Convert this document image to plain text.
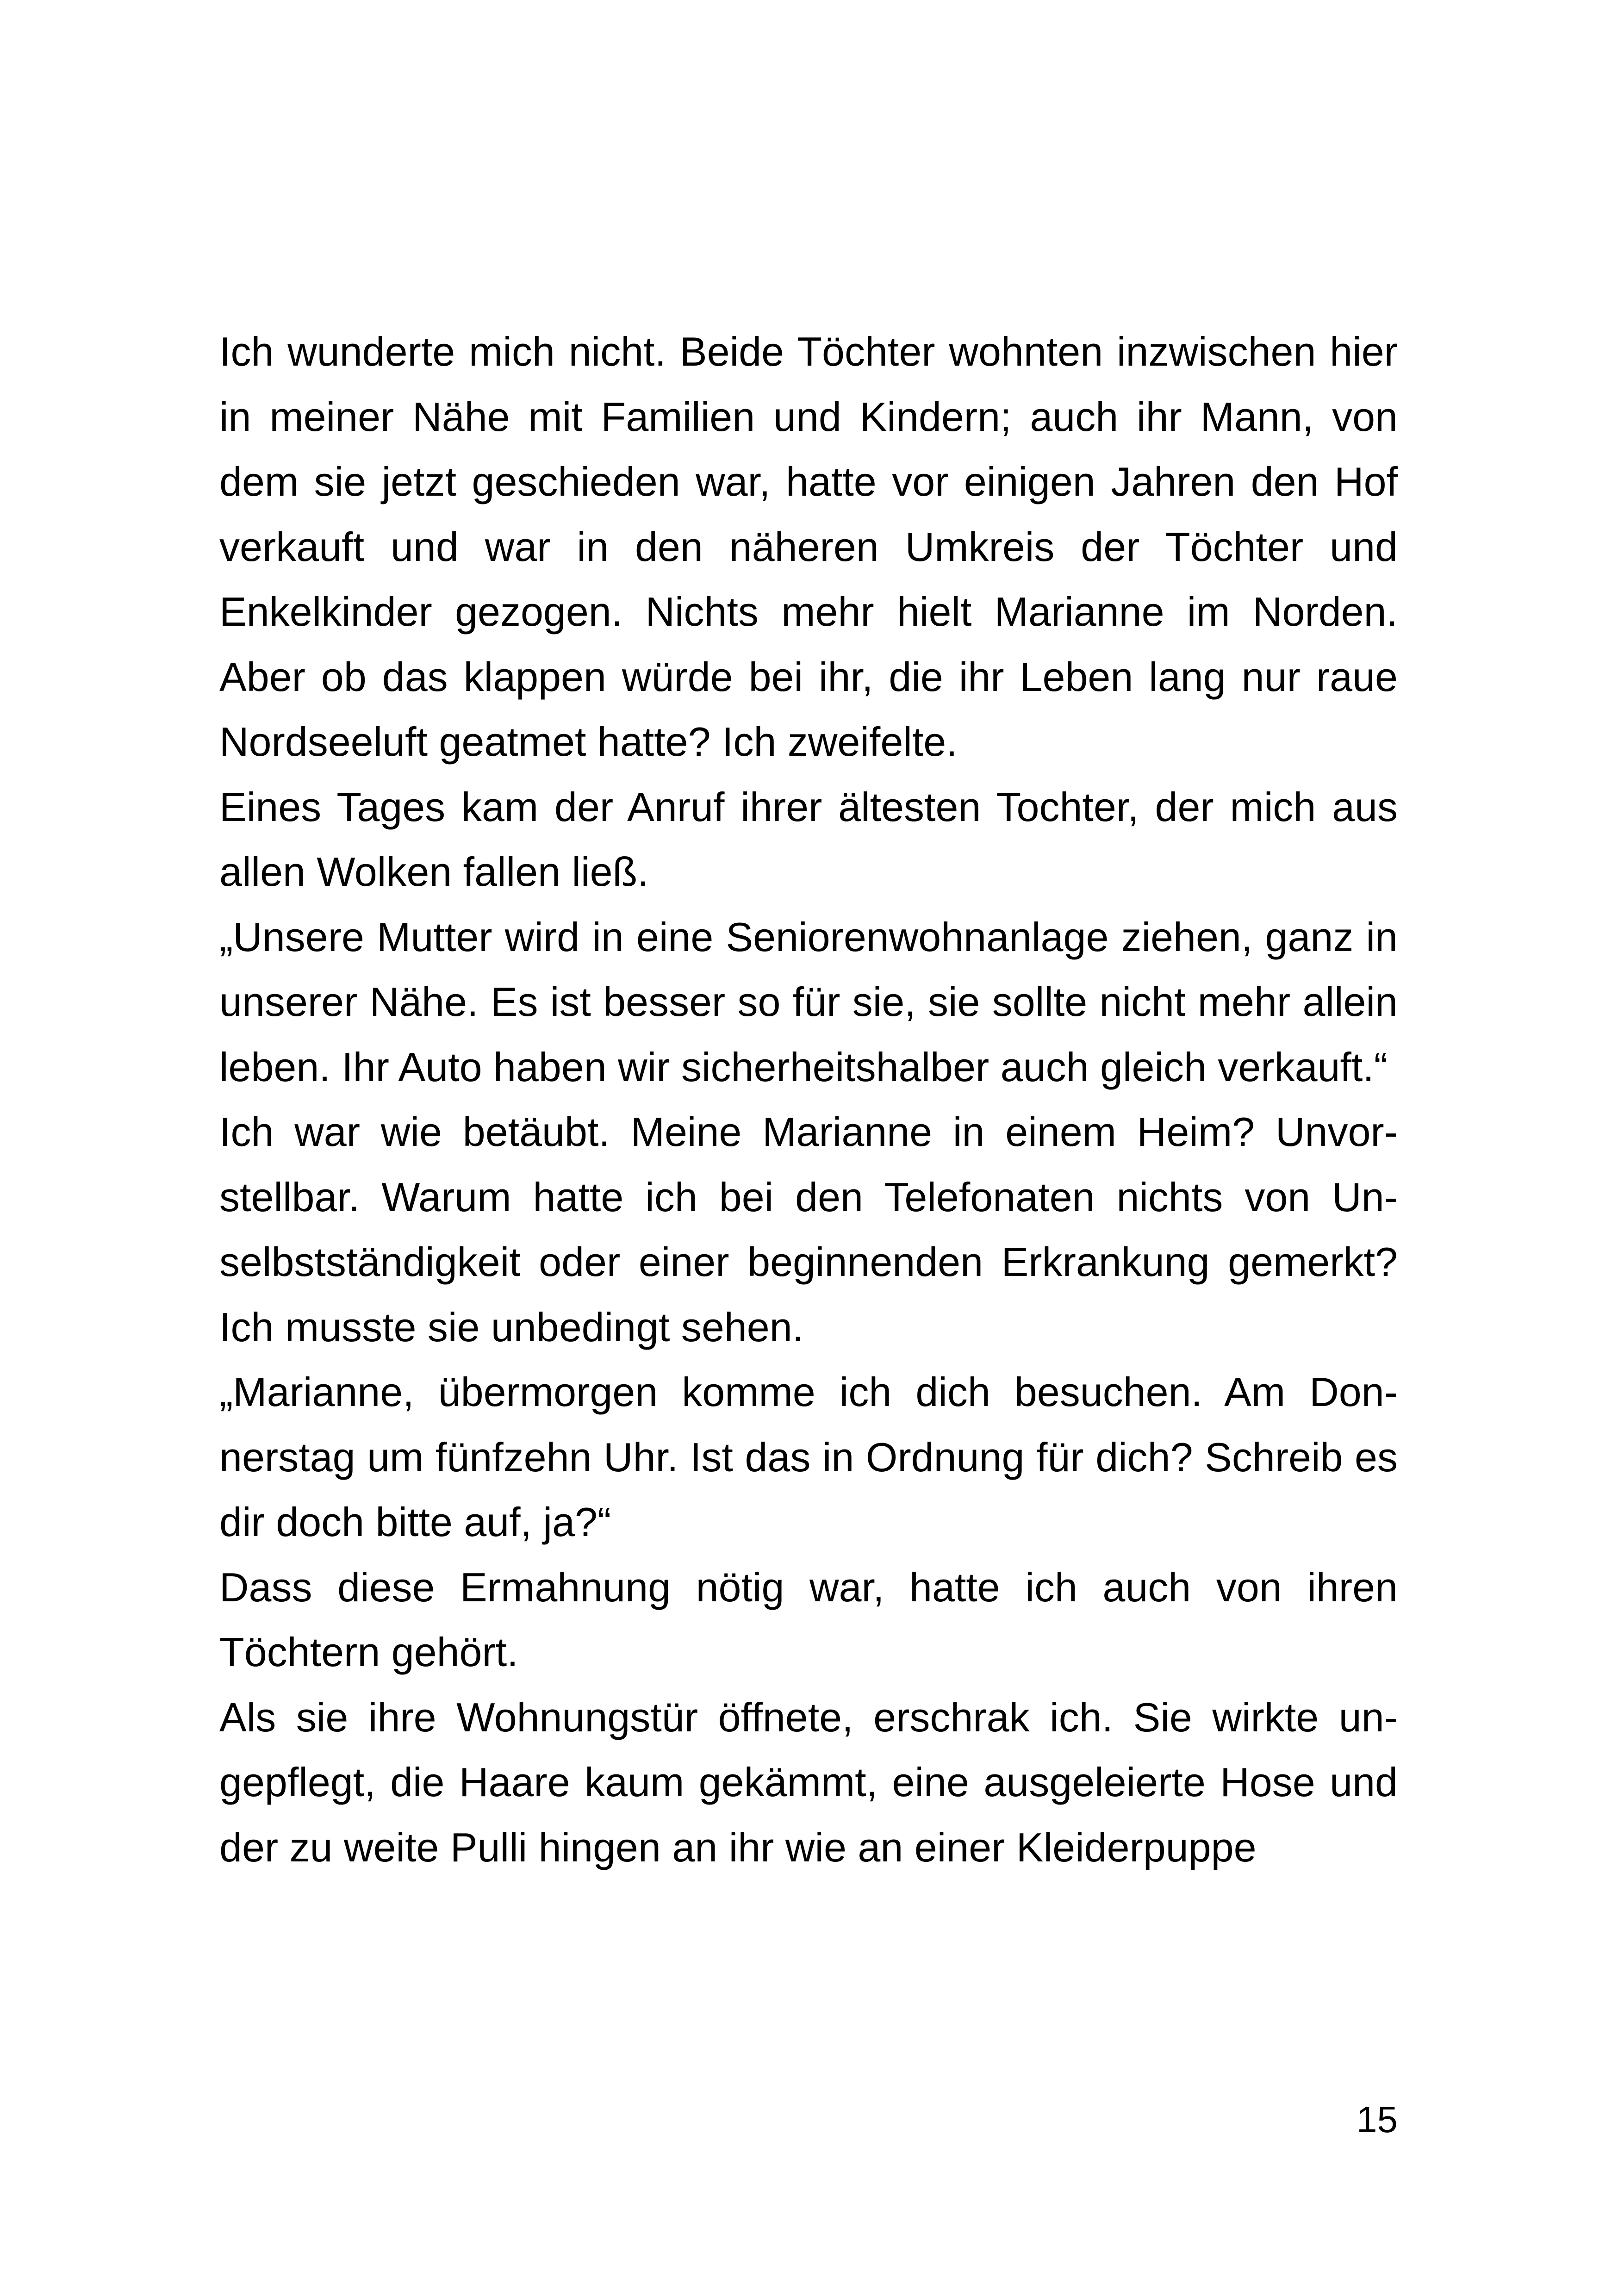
Ich wunderte mich nicht. Beide Töchter wohnten inzwischen hier in meiner Nähe mit Familien und Kindern; auch ihr Mann, von dem sie jetzt geschieden war, hatte vor einigen Jahren den Hof verkauft und war in den näheren Umkreis der Töchter und Enkelkinder gezogen. Nichts mehr hielt Marianne im Norden. Aber ob das klappen würde bei ihr, die ihr Leben lang nur raue Nordseeluft geatmet hatte? Ich zweifelte.

Eines Tages kam der Anruf ihrer ältesten Tochter, der mich aus allen Wolken fallen ließ.

„Unsere Mutter wird in eine Seniorenwohnanlage ziehen, ganz in unserer Nähe. Es ist besser so für sie, sie sollte nicht mehr allein leben. Ihr Auto haben wir sicherheitshalber auch gleich verkauft.“

Ich war wie betäubt. Meine Marianne in einem Heim? Unvorstellbar. Warum hatte ich bei den Telefonaten nichts von Unselbstständigkeit oder einer beginnenden Erkrankung gemerkt? Ich musste sie unbedingt sehen.

„Marianne, übermorgen komme ich dich besuchen. Am Donnerstag um fünfzehn Uhr. Ist das in Ordnung für dich? Schreib es dir doch bitte auf, ja?“

Dass diese Ermahnung nötig war, hatte ich auch von ihren Töchtern gehört.

Als sie ihre Wohnungstür öffnete, erschrak ich. Sie wirkte ungepflegt, die Haare kaum gekämmt, eine ausgeleierte Hose und der zu weite Pulli hingen an ihr wie an einer Kleiderpuppe

15
